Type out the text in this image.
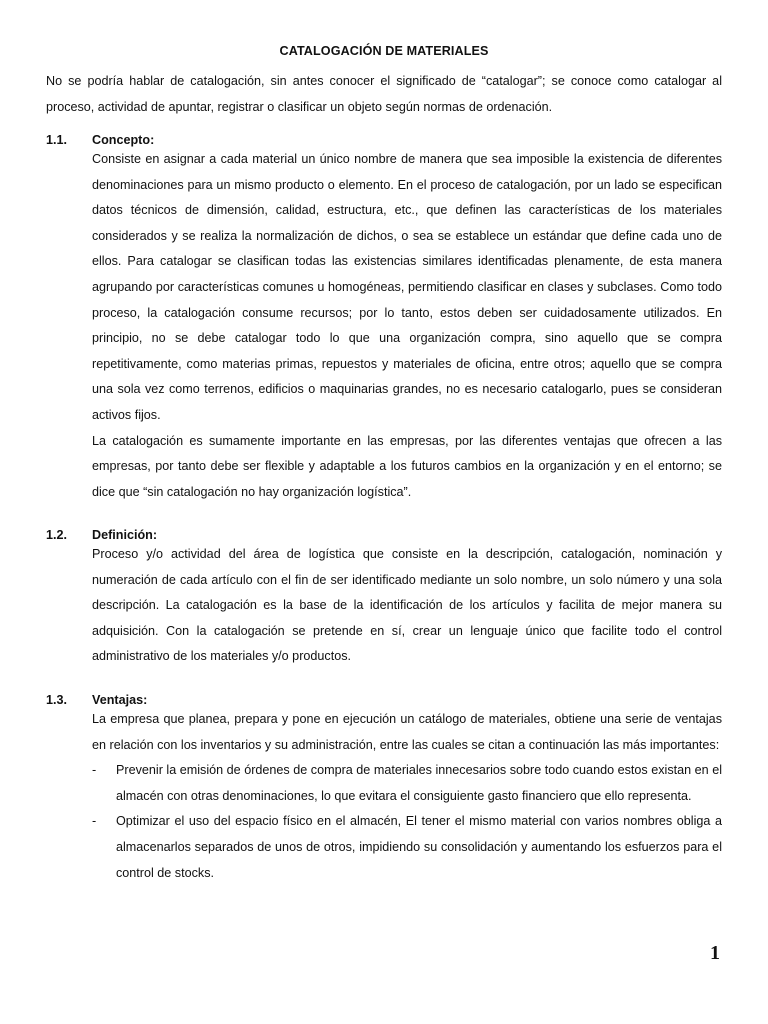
CATALOGACIÓN DE MATERIALES
No se podría hablar de catalogación, sin antes conocer el significado de “catalogar”; se conoce como catalogar al proceso, actividad de apuntar, registrar o clasificar un objeto según normas de ordenación.
1.1. Concepto:

Consiste en asignar a cada material un único nombre de manera que sea imposible la existencia de diferentes denominaciones para un mismo producto o elemento. En el proceso de catalogación, por un lado se especifican datos técnicos de dimensión, calidad, estructura, etc., que definen las características de los materiales considerados y se realiza la normalización de dichos, o sea se establece un estándar que define cada uno de ellos. Para catalogar se clasifican todas las existencias similares identificadas plenamente, de esta manera agrupando por características comunes u homogéneas, permitiendo clasificar en clases y subclases. Como todo proceso, la catalogación consume recursos; por lo tanto, estos deben ser cuidadosamente utilizados. En principio, no se debe catalogar todo lo que una organización compra, sino aquello que se compra repetitivamente, como materias primas, repuestos y materiales de oficina, entre otros; aquello que se compra una sola vez como terrenos, edificios o maquinarias grandes, no es necesario catalogarlo, pues se consideran activos fijos.

La catalogación es sumamente importante en las empresas, por las diferentes ventajas que ofrecen a las empresas, por tanto debe ser flexible y adaptable a los futuros cambios en la organización y en el entorno; se dice que “sin catalogación no hay organización logística”.

1.2. Definición:

Proceso y/o actividad del área de logística que consiste en la descripción, catalogación, nominación y numeración de cada artículo con el fin de ser identificado mediante un solo nombre, un solo número y una sola descripción. La catalogación es la base de la identificación de los artículos y facilita de mejor manera su adquisición. Con la catalogación se pretende en sí, crear un lenguaje único que facilite todo el control administrativo de los materiales y/o productos.

1.3. Ventajas:

La empresa que planea, prepara y pone en ejecución un catálogo de materiales, obtiene una serie de ventajas en relación con los inventarios y su administración, entre las cuales se citan a continuación las más importantes:

- Prevenir la emisión de órdenes de compra de materiales innecesarios sobre todo cuando estos existan en el almacén con otras denominaciones, lo que evitara el consiguiente gasto financiero que ello representa.
- Optimizar el uso del espacio físico en el almacén, El tener el mismo material con varios nombres obliga a almacenarlos separados de unos de otros, impidiendo su consolidación y aumentando los esfuerzos para el control de stocks.
1
